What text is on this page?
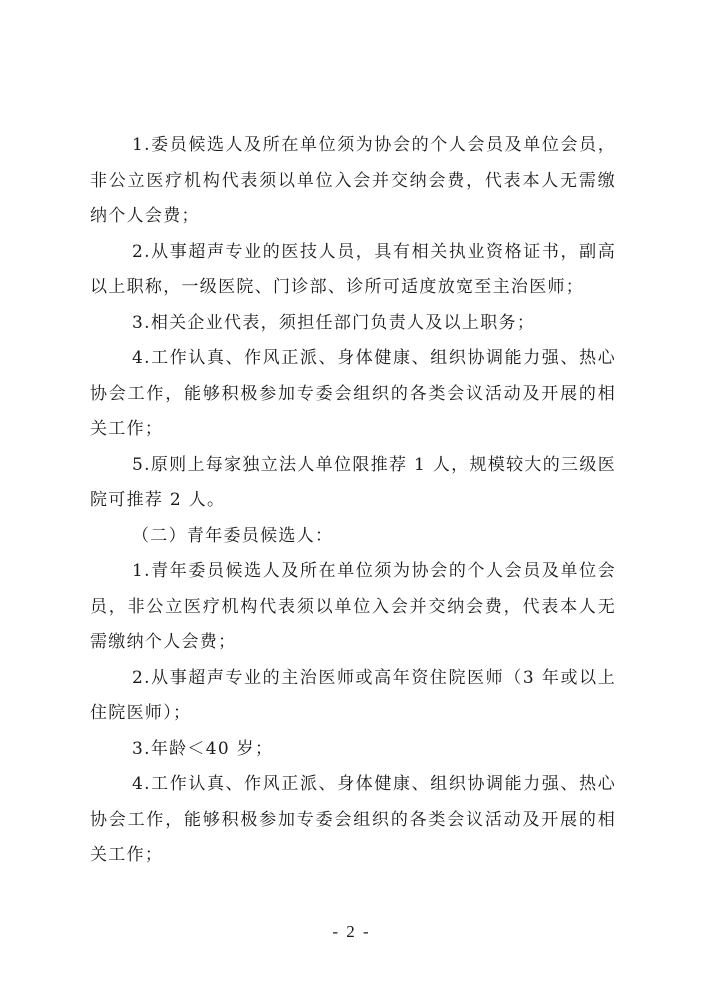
1.委员候选人及所在单位须为协会的个人会员及单位会员，非公立医疗机构代表须以单位入会并交纳会费，代表本人无需缴纳个人会费；

2.从事超声专业的医技人员，具有相关执业资格证书，副高以上职称，一级医院、门诊部、诊所可适度放宽至主治医师；

3.相关企业代表，须担任部门负责人及以上职务；

4.工作认真、作风正派、身体健康、组织协调能力强、热心协会工作，能够积极参加专委会组织的各类会议活动及开展的相关工作；

5.原则上每家独立法人单位限推荐 1 人，规模较大的三级医院可推荐 2 人。

（二）青年委员候选人：

1.青年委员候选人及所在单位须为协会的个人会员及单位会员，非公立医疗机构代表须以单位入会并交纳会费，代表本人无需缴纳个人会费；

2.从事超声专业的主治医师或高年资住院医师（3 年或以上住院医师）；

3.年龄＜40 岁；

4.工作认真、作风正派、身体健康、组织协调能力强、热心协会工作，能够积极参加专委会组织的各类会议活动及开展的相关工作；

- 2 -
